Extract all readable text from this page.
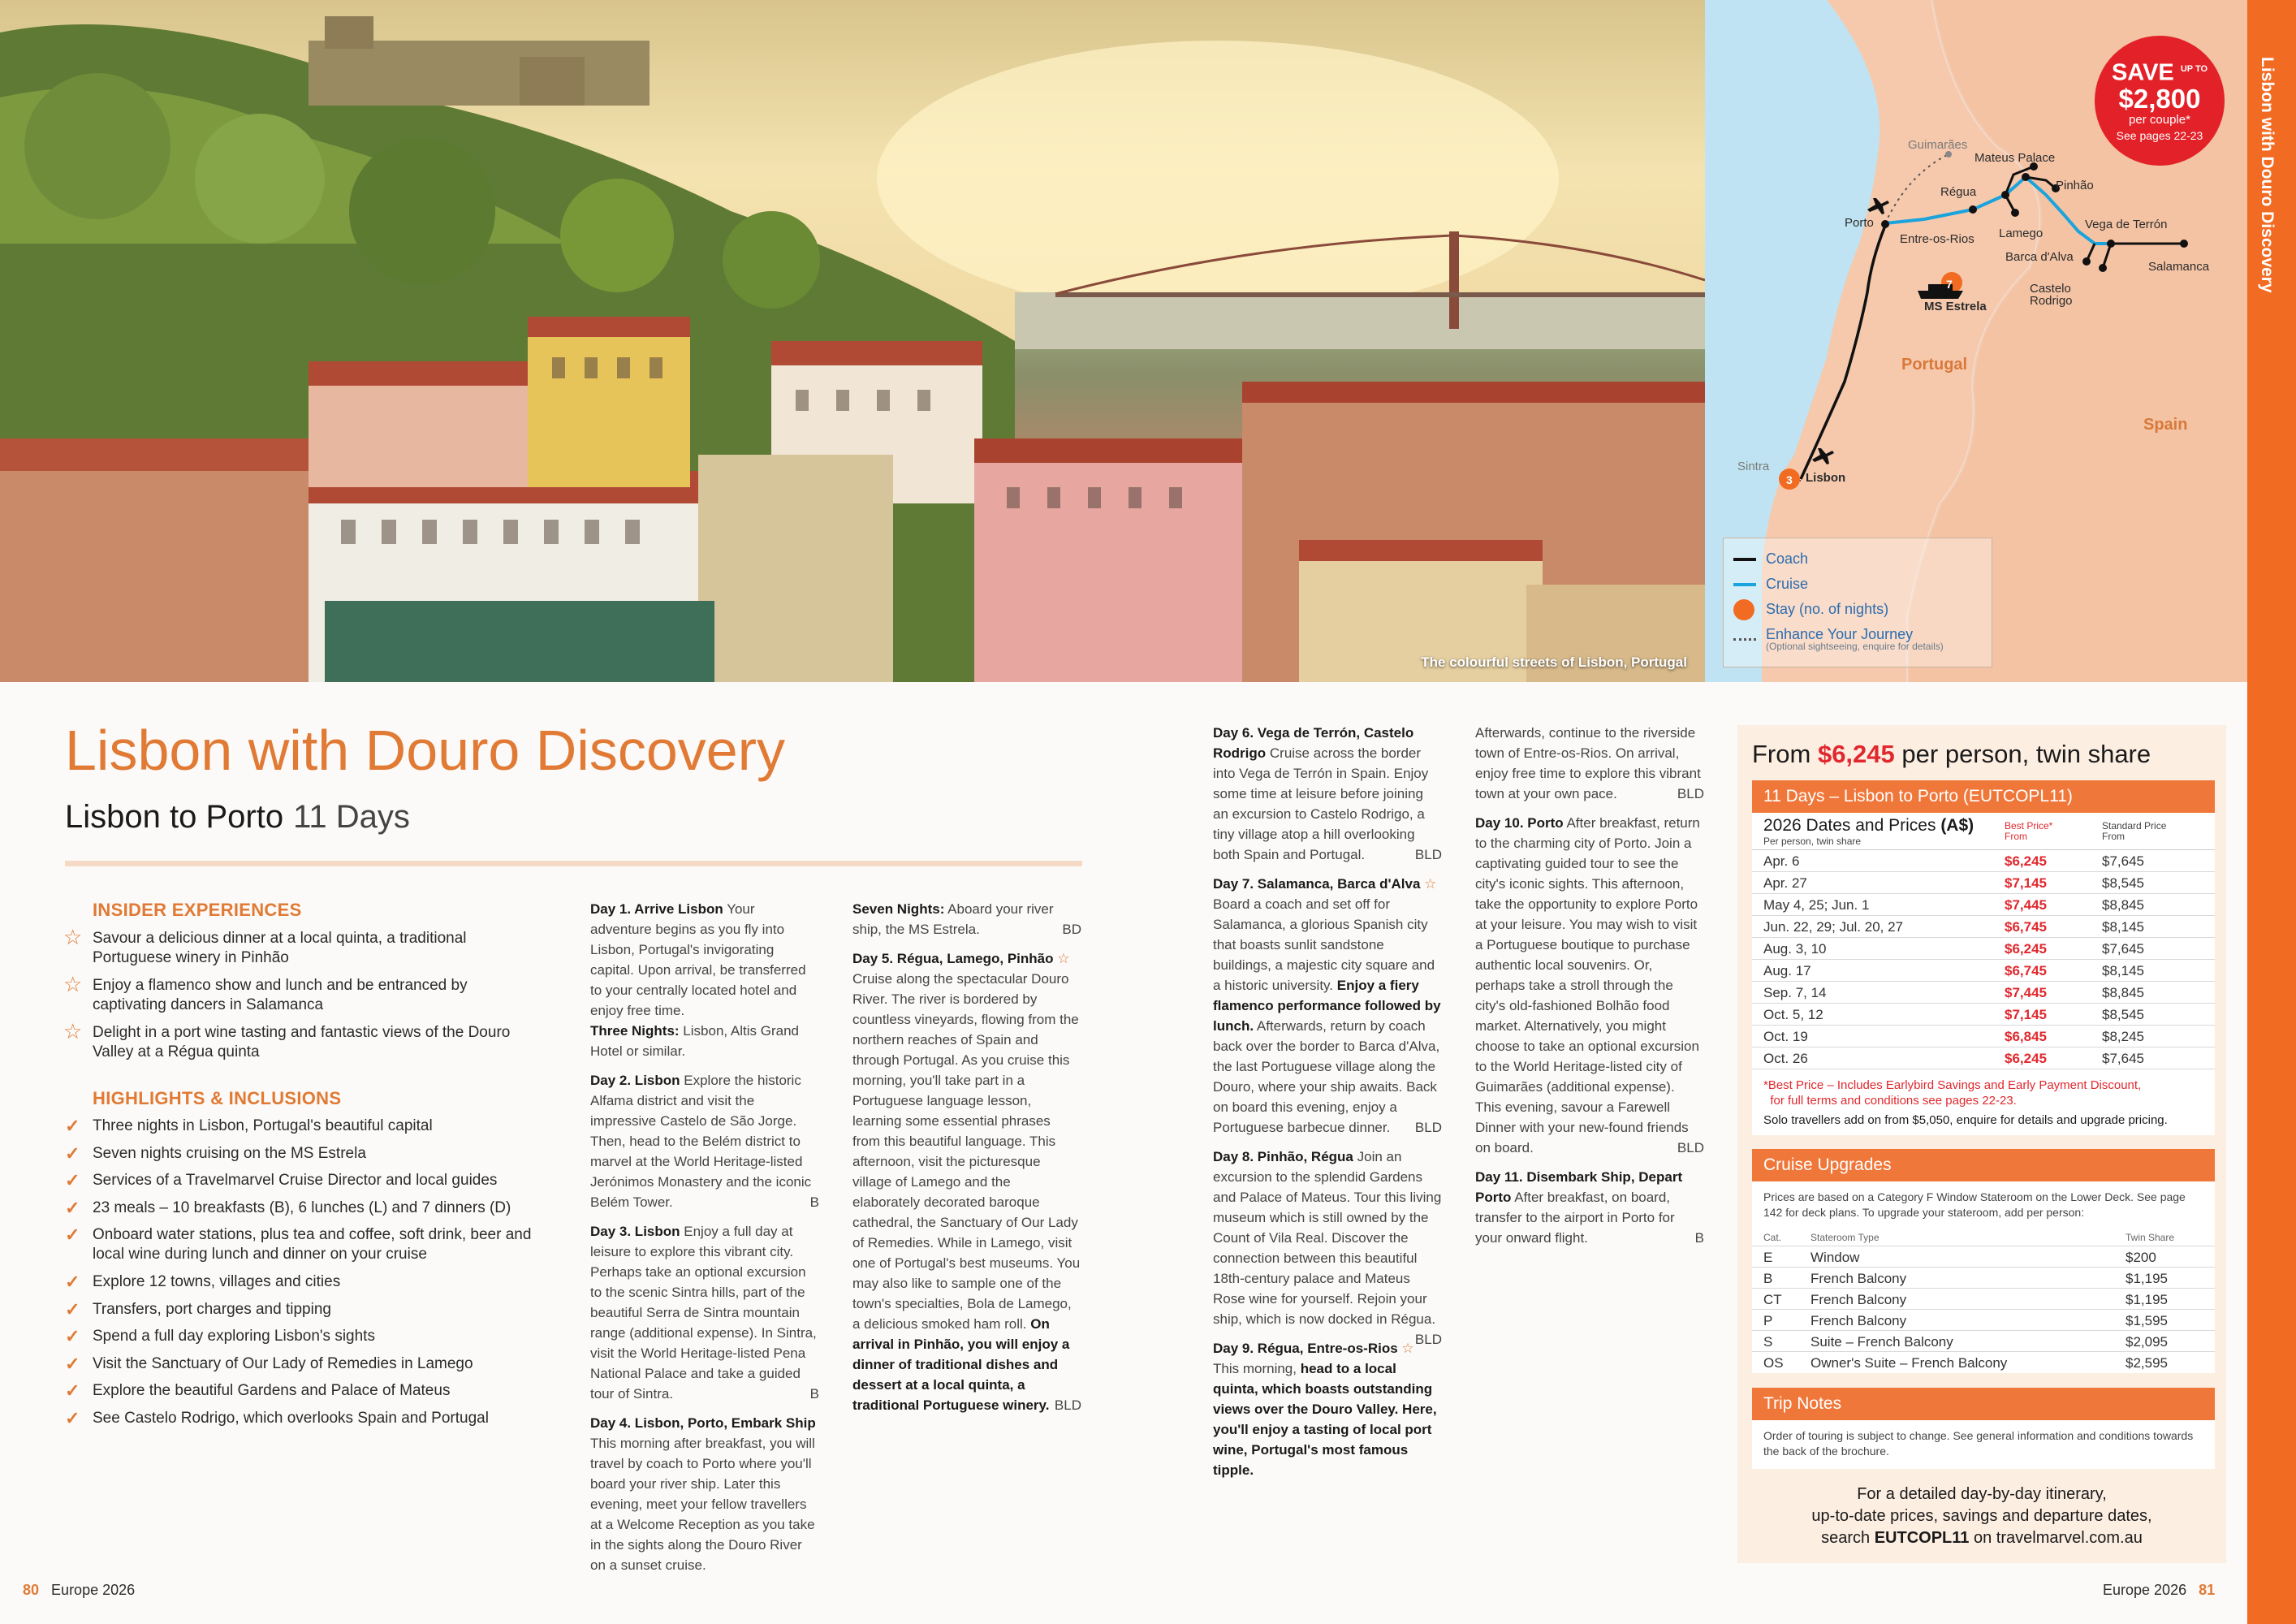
The colourful streets of Lisbon, Portugal
Guimarães
Mateus Palace
Régua	Pinhão
Porto
Entre-os-Rios Lamego
Vega de Terrón
Barca d'Alva
Salamanca
Castelo
Rodrigo
MS Estrela
7
Portugal
Spain
Sintra
3 Lisbon
Coach
Cruise
Stay (no. of nights)
Enhance Your Journey
(Optional sightseeing, enquire for details)
SAVE $^{UP TO}$
$2,800
per couple*
See pages 22-23	Lisbon with Douro Discovery
Lisbon with Douro Discovery
Lisbon to Porto 11 Days
INSIDER EXPERIENCES
☆ Savour a delicious dinner at a local quinta, a traditional Portuguese winery in Pinhão
☆ Enjoy a flamenco show and lunch and be entranced by captivating dancers in Salamanca
☆ Delight in a port wine tasting and fantastic views of the Douro Valley at a Régua quinta
HIGHLIGHTS & INCLUSIONS
✓ Three nights in Lisbon, Portugal's beautiful capital
✓ Seven nights cruising on the MS Estrela
✓ Services of a Travelmarvel Cruise Director and local guides
✓ 23 meals – 10 breakfasts (B), 6 lunches (L) and 7 dinners (D)
✓ Onboard water stations, plus tea and coffee, soft drink, beer and local wine during lunch and dinner on your cruise
✓ Explore 12 towns, villages and cities
✓ Transfers, port charges and tipping
✓ Spend a full day exploring Lisbon's sights
✓ Visit the Sanctuary of Our Lady of Remedies in Lamego
✓ Explore the beautiful Gardens and Palace of Mateus
✓ See Castelo Rodrigo, which overlooks Spain and Portugal

Day 1. Arrive Lisbon Your adventure begins as you fly into Lisbon, Portugal's invigorating capital. Upon arrival, be transferred to your centrally located hotel and enjoy free time.
Three Nights: Lisbon, Altis Grand Hotel or similar.

Day 2. Lisbon Explore the historic Alfama district and visit the impressive Castelo de São Jorge. Then, head to the Belém district to marvel at the World Heritage-listed Jerónimos Monastery and the iconic Belém Tower.	B

Day 3. Lisbon Enjoy a full day at leisure to explore this vibrant city. Perhaps take an optional excursion to the scenic Sintra hills, part of the beautiful Serra de Sintra mountain range (additional expense). In Sintra, visit the World Heritage-listed Pena National Palace and take a guided tour of Sintra.	B

Day 4. Lisbon, Porto, Embark Ship This morning after breakfast, you will travel by coach to Porto where you'll board your river ship. Later this evening, meet your fellow travellers at a Welcome Reception as you take in the sights along the Douro River on a sunset cruise.

Seven Nights: Aboard your river ship, the MS Estrela.	BD

Day 5. Régua, Lamego, Pinhão ☆ Cruise along the spectacular Douro River. The river is bordered by countless vineyards, flowing from the northern reaches of Spain and through Portugal. As you cruise this morning, you'll take part in a Portuguese language lesson, learning some essential phrases from this beautiful language. This afternoon, visit the picturesque village of Lamego and the elaborately decorated baroque cathedral, the Sanctuary of Our Lady of Remedies. While in Lamego, visit one of Portugal's best museums. You may also like to sample one of the town's specialties, Bola de Lamego, a delicious smoked ham roll. On arrival in Pinhão, you will enjoy a dinner of traditional dishes and dessert at a local quinta, a traditional Portuguese winery. BLD

Day 6. Vega de Terrón, Castelo Rodrigo Cruise across the border into Vega de Terrón in Spain. Enjoy some time at leisure before joining an excursion to Castelo Rodrigo, a tiny village atop a hill overlooking both Spain and Portugal.	BLD

Day 7. Salamanca, Barca d'Alva ☆ Board a coach and set off for Salamanca, a glorious Spanish city that boasts sunlit sandstone buildings, a majestic city square and a historic university. Enjoy a fiery flamenco performance followed by lunch. Afterwards, return by coach back over the border to Barca d'Alva, the last Portuguese village along the Douro, where your ship awaits. Back on board this evening, enjoy a Portuguese barbecue dinner. BLD

Day 8. Pinhão, Régua Join an excursion to the splendid Gardens and Palace of Mateus. Tour this living museum which is still owned by the Count of Vila Real. Discover the connection between this beautiful 18th-century palace and Mateus Rose wine for yourself. Rejoin your ship, which is now docked in Régua.
BLD

Day 9. Régua, Entre-os-Rios ☆ This morning, head to a local quinta, which boasts outstanding views over the Douro Valley. Here, you'll enjoy a tasting of local port wine, Portugal's most famous tipple.

Afterwards, continue to the riverside town of Entre-os-Rios. On arrival, enjoy free time to explore this vibrant town at your own pace.	BLD

Day 10. Porto After breakfast, return to the charming city of Porto. Join a captivating guided tour to see the city's iconic sights. This afternoon, take the opportunity to explore Porto at your leisure. You may wish to visit a Portuguese boutique to purchase authentic local souvenirs. Or, perhaps take a stroll through the city's old-fashioned Bolhão food market. Alternatively, you might choose to take an optional excursion to the World Heritage-listed city of Guimarães (additional expense). This evening, savour a Farewell Dinner with your new-found friends on board.	BLD

Day 11. Disembark Ship, Depart Porto After breakfast, on board, transfer to the airport in Porto for your onward flight.	B

From $6,245 per person, twin share
11 Days – Lisbon to Porto (EUTCOPL11)
2026 Dates and Prices (A$)
Per person, twin share
Best Price*
From
Standard Price
From
Apr. 6	$6,245	$7,645
Apr. 27	$7,145	$8,545
May 4, 25; Jun. 1	$7,445	$8,845
Jun. 22, 29; Jul. 20, 27	$6,745	$8,145
Aug. 3, 10	$6,245	$7,645
Aug. 17	$6,745	$8,145
Sep. 7, 14	$7,445	$8,845
Oct. 5, 12	$7,145	$8,545
Oct. 19	$6,845	$8,245
Oct. 26	$6,245	$7,645
*Best Price – Includes Earlybird Savings and Early Payment Discount,
for full terms and conditions see pages 22-23.
Solo travellers add on from $5,050, enquire for details and upgrade pricing.
Cruise Upgrades
Prices are based on a Category F Window Stateroom on the Lower Deck. See page 142 for deck plans. To upgrade your stateroom, add per person:
Cat.	Stateroom Type	Twin Share
E	Window	$200
B	French Balcony	$1,195
CT French Balcony	$1,195
P	French Balcony	$1,595
S	Suite – French Balcony	$2,095
OS Owner's Suite – French Balcony	$2,595
Trip Notes
Order of touring is subject to change. See general information and conditions towards the back of the brochure.
For a detailed day-by-day itinerary,
up-to-date prices, savings and departure dates,
search EUTCOPL11 on travelmarvel.com.au
80 Europe 2026	Europe 2026 81
